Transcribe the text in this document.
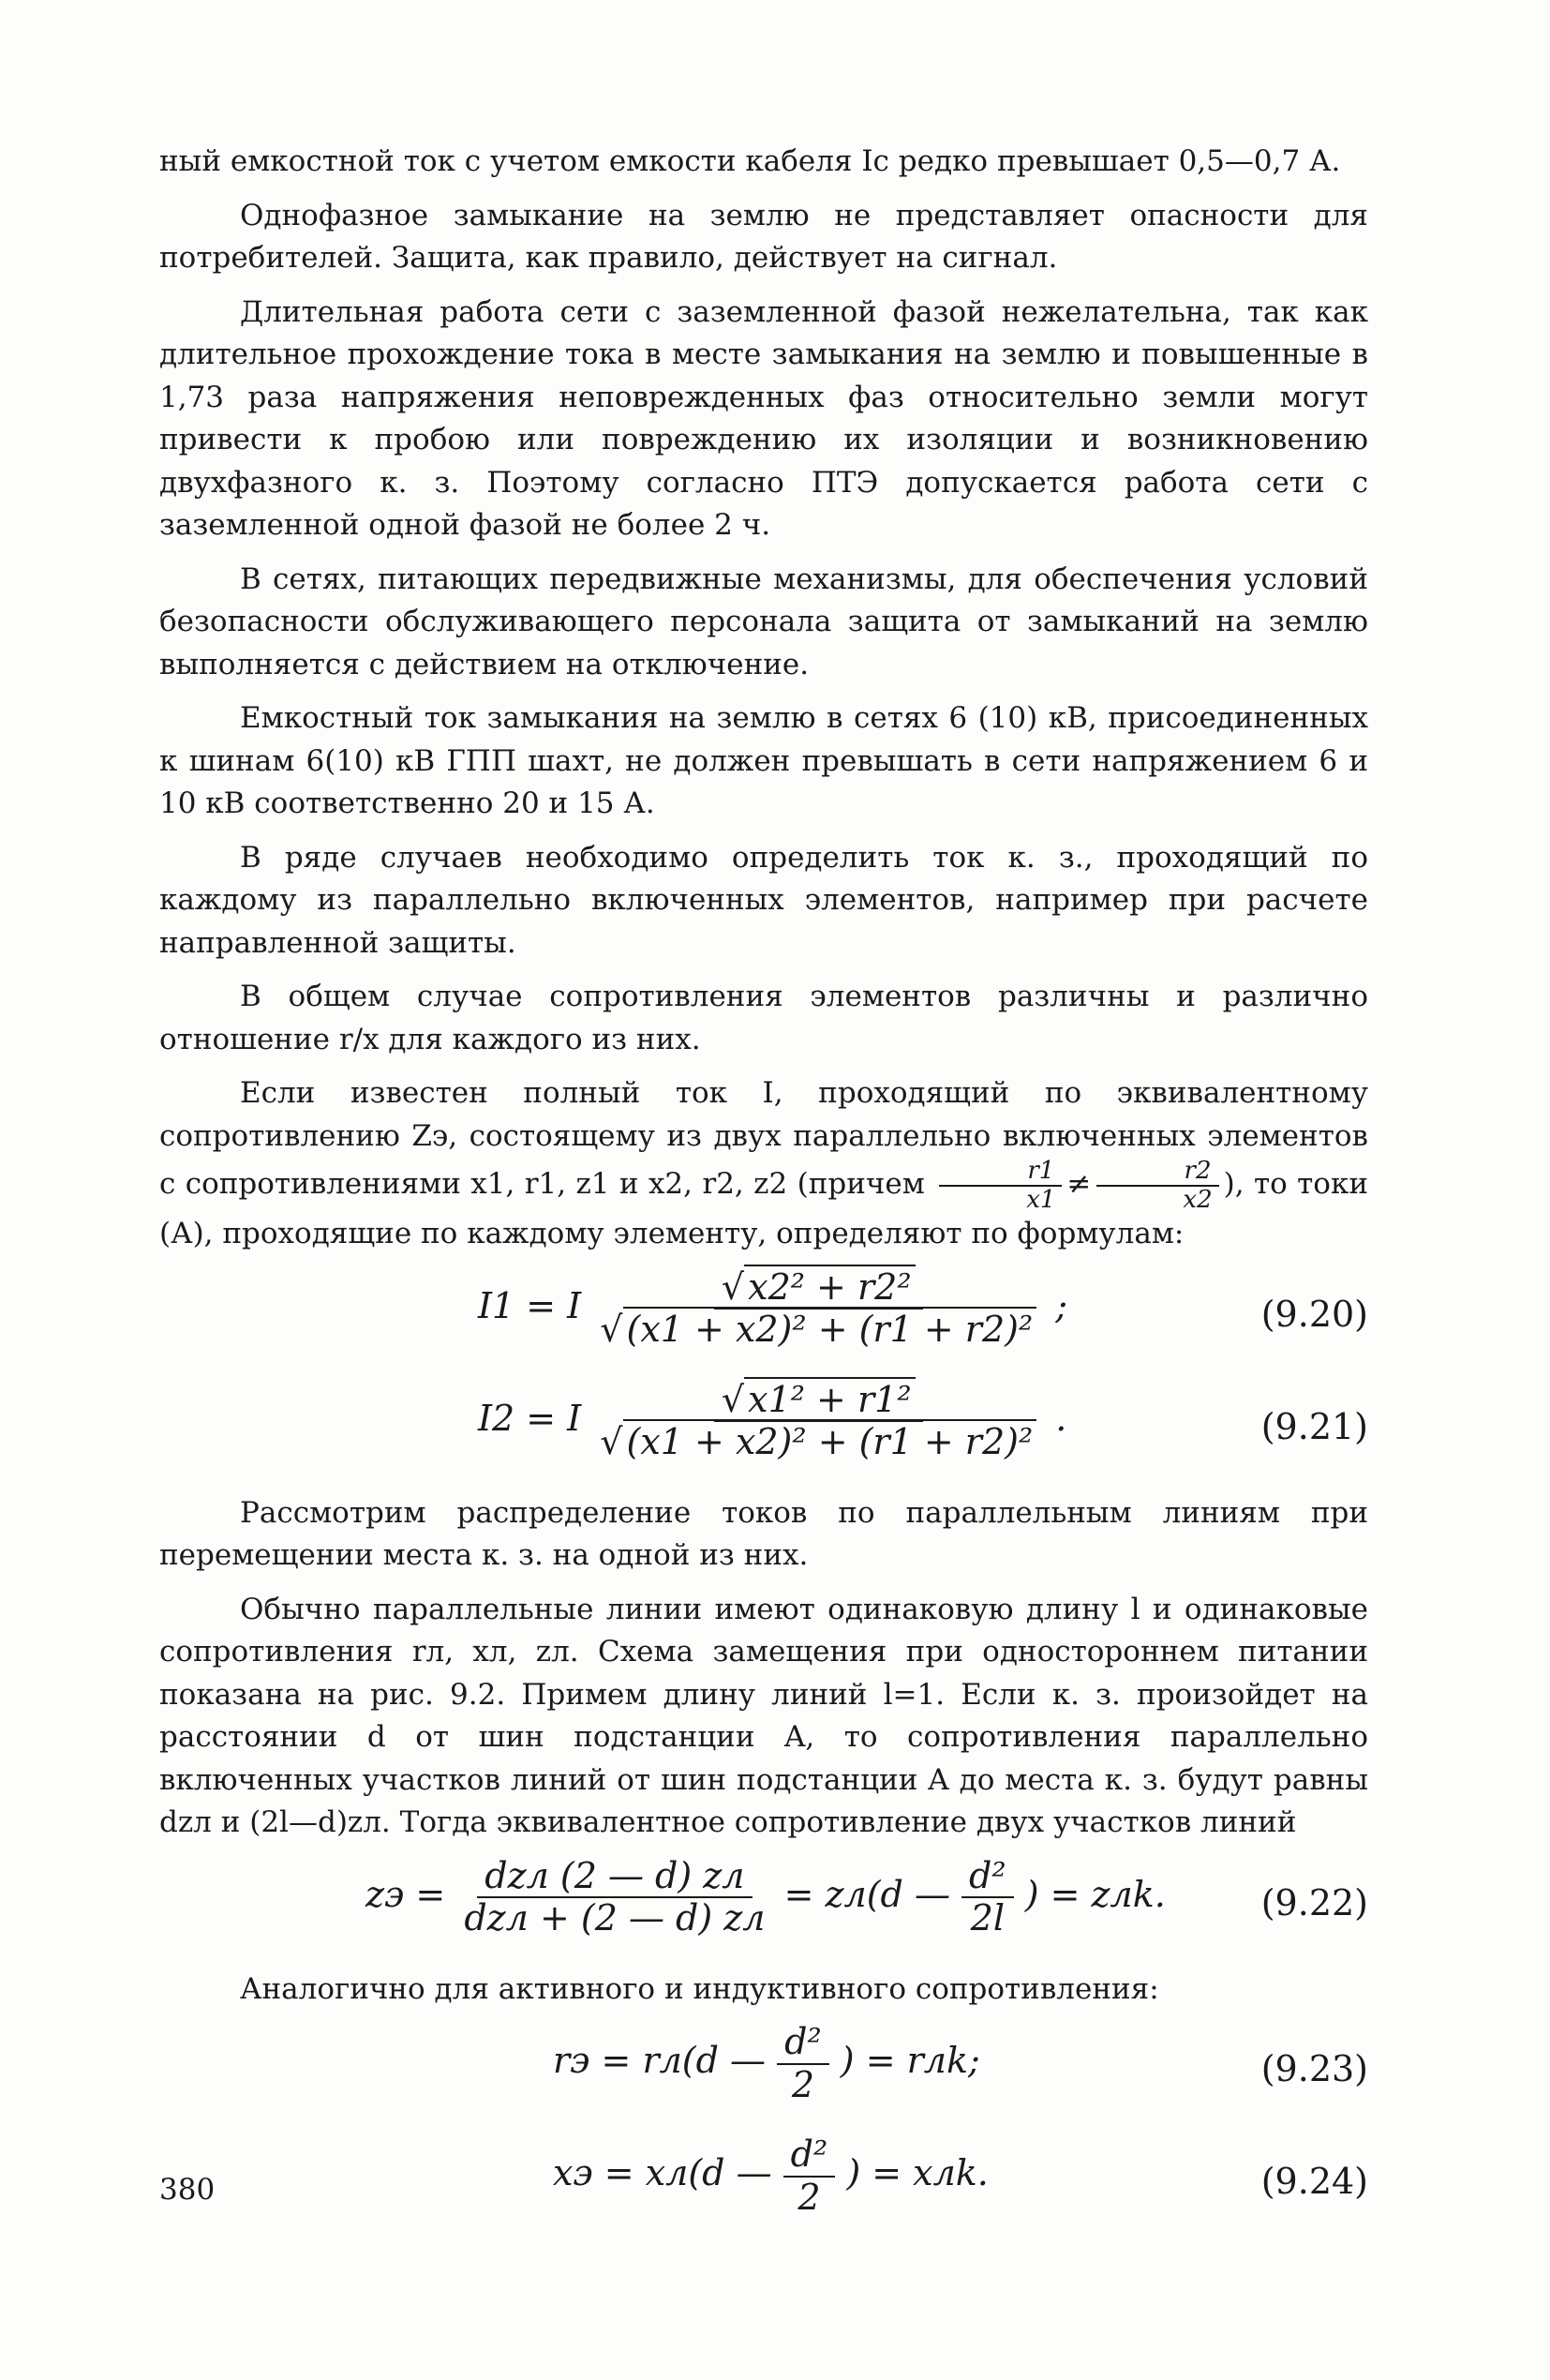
ный емкостной ток с учетом емкости кабеля Iс редко превышает 0,5—0,7 А.

Однофазное замыкание на землю не представляет опасности для потребителей. Защита, как правило, действует на сигнал.

Длительная работа сети с заземленной фазой нежелательна, так как длительное прохождение тока в месте замыкания на землю и повышенные в 1,73 раза напряжения неповрежденных фаз относительно земли могут привести к пробою или повреждению их изоляции и возникновению двухфазного к. з. Поэтому согласно ПТЭ допускается работа сети с заземленной одной фазой не более 2 ч.

В сетях, питающих передвижные механизмы, для обеспечения условий безопасности обслуживающего персонала защита от замыканий на землю выполняется с действием на отключение.

Емкостный ток замыкания на землю в сетях 6 (10) кВ, присоединенных к шинам 6(10) кВ ГПП шахт, не должен превышать в сети напряжением 6 и 10 кВ соответственно 20 и 15 А.

В ряде случаев необходимо определить ток к. з., проходящий по каждому из параллельно включенных элементов, например при расчете направленной защиты.

В общем случае сопротивления элементов различны и различно отношение r/x для каждого из них.

Если известен полный ток I, проходящий по эквивалентному сопротивлению Zэ, состоящему из двух параллельно включенных элементов с сопротивлениями x1, r1, z1 и x2, r2, z2 (причем $\frac{r1}{x1} \ne \frac{r2}{x2}$ ), то токи (А), проходящие по каждому элементу, определяют по формулам:

I1 = I $\frac{\text{√ x2² + r2²}}{\text{√ (x1 + x2)² + (r1 + r2)²}}$ ;	(9.20)
I2 = I $\frac{\text{√ x1² + r1²}}{\text{√ (x1 + x2)² + (r1 + r2)²}}$ .	(9.21)

Рассмотрим распределение токов по параллельным линиям при перемещении места к. з. на одной из них.

Обычно параллельные линии имеют одинаковую длину l и одинаковые сопротивления rл, xл, zл. Схема замещения при одностороннем питании показана на рис. 9.2. Примем длину линий l=1. Если к. з. произойдет на расстоянии d от шин подстанции A, то сопротивления параллельно включенных участков линий от шин подстанции A до места к. з. будут равны dzл и (2l—d)zл. Тогда эквивалентное сопротивление двух участков линий

zэ = $\frac{\text{dzл (2 — d) zл}}{\text{dzл + (2 — d) zл}} = zл(d$ — $\frac{\text{d²}}{2l}$ ) = zлk.	(9.22)

Аналогично для активного и индуктивного сопротивления:

rэ = rл(d — $\frac{\text{d²}}{2}$ ) = rлk;	(9.23)
xэ = xл(d — $\frac{\text{d²}}{2}$ ) = xлk.	(9.24)
380
